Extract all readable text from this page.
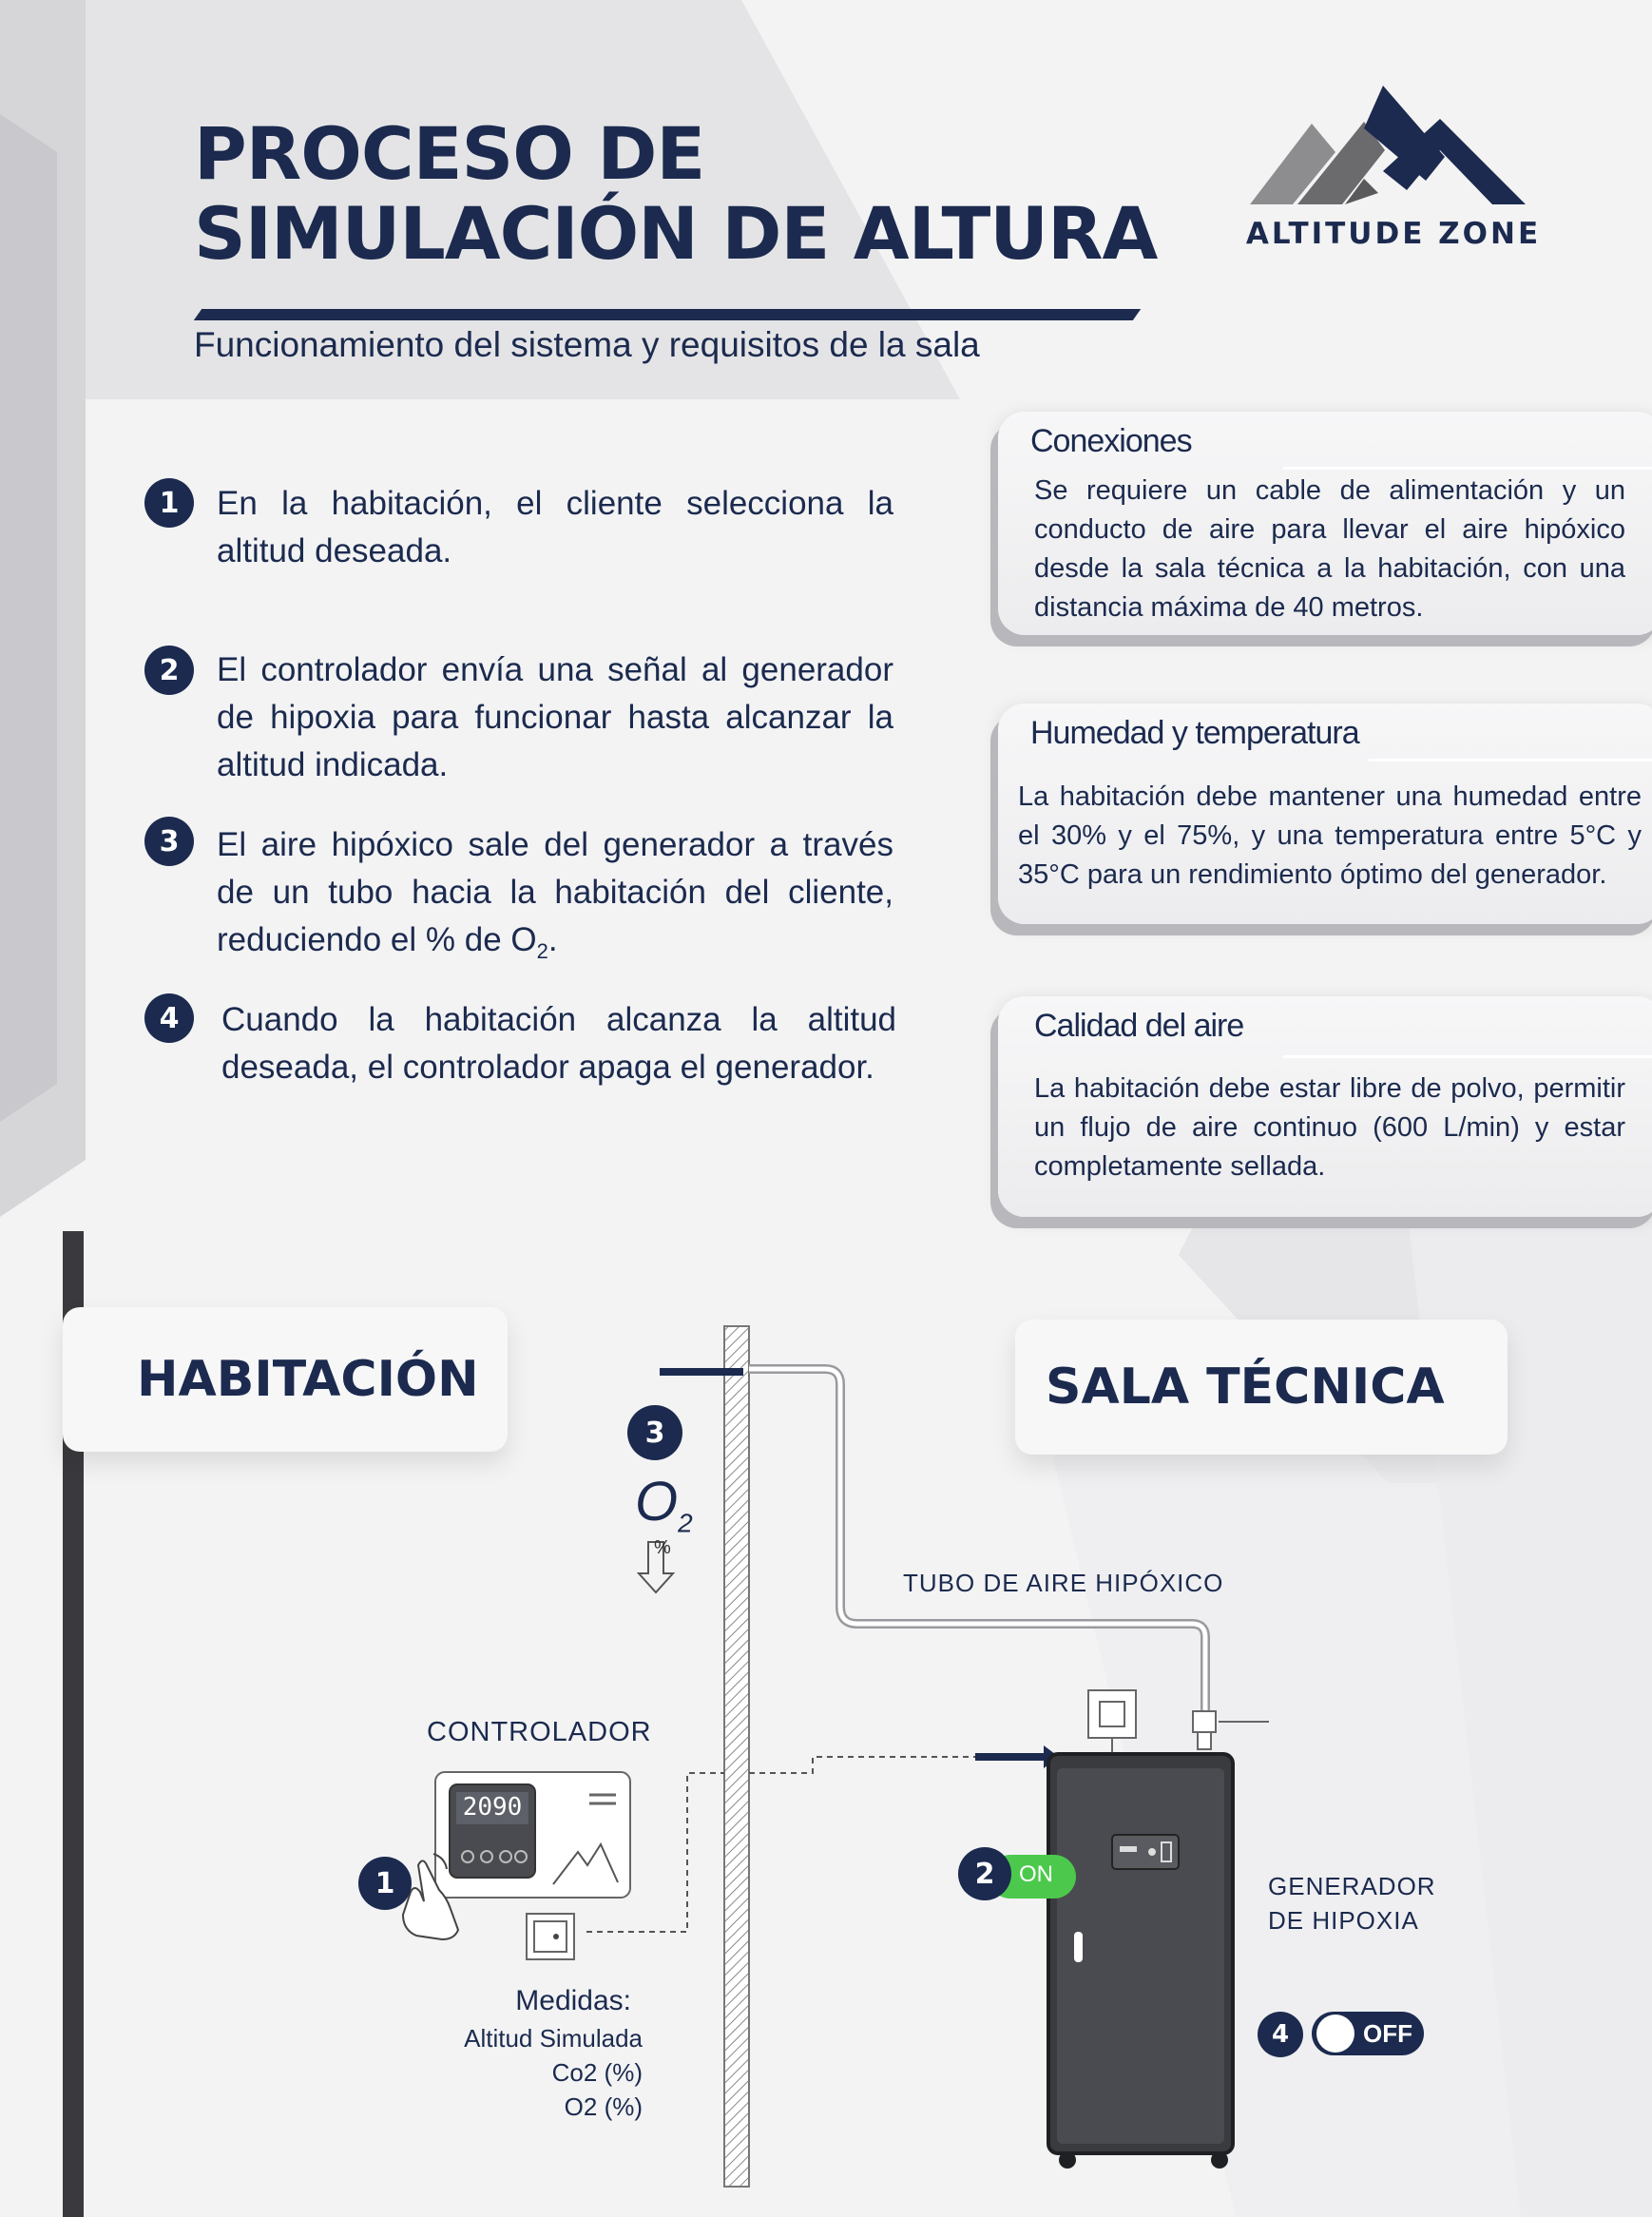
PROCESO DE
SIMULACIÓN DE ALTURA
Funcionamiento del sistema y requisitos de la sala
ALTITUDE ZONE
1	En la habitación, el cliente selecciona la altitud deseada.
2	El controlador envía una señal al generador de hipoxia para funcionar hasta alcanzar la altitud indicada.
3	El aire hipóxico sale del generador a través de un tubo hacia la habitación del cliente, reduciendo el % de $O_2$.
4	Cuando la habitación alcanza la altitud deseada, el controlador apaga el generador.
Conexiones
Se requiere un cable de alimentación y un conducto de aire para llevar el aire hipóxico desde la sala técnica a la habitación, con una distancia máxima de 40 metros.
Humedad y temperatura
La habitación debe mantener una humedad entre el 30% y el 75%, y una temperatura entre 5°C y 35°C para un rendimiento óptimo del generador.
Calidad del aire
La habitación debe estar libre de polvo, permitir un flujo de aire continuo (600 L/min) y estar completamente sellada.
HABITACIÓN	SALA TÉCNICA
3
$O_2$
%
TUBO DE AIRE HIPÓXICO
CONTROLADOR
2090
1	2	ON	GENERADOR
DE HIPOXIA
4	OFF
Medidas:
Altitud Simulada
Co2 (%)
O2 (%)
